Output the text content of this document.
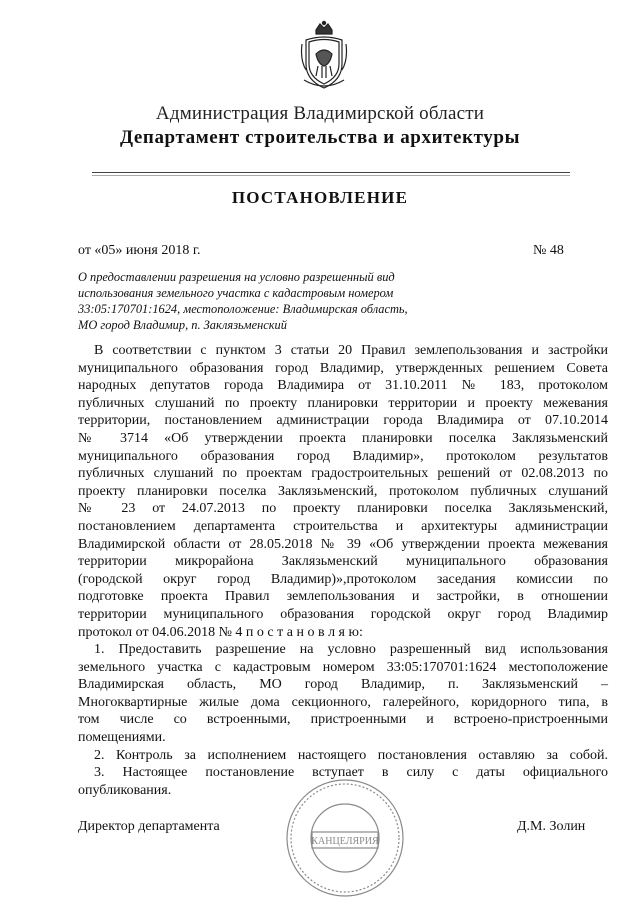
Администрация Владимирской области
Департамент строительства и архитектуры
ПОСТАНОВЛЕНИЕ
от «05» июня 2018 г.	№ 48
О предоставлении разрешения на условно разрешенный вид
использования земельного участка с кадастровым номером
33:05:170701:1624, местоположение: Владимирская область,
МО город Владимир, п. Заклязьменский
В соответствии с пунктом 3 статьи 20 Правил землепользования и застройки
муниципального образования город Владимир, утвержденных решением Совета
народных депутатов города Владимира от 31.10.2011 № 183, протоколом
публичных слушаний по проекту планировки территории и проекту межевания
территории, постановлением администрации города Владимира от 07.10.2014
№ 3714 «Об утверждении проекта планировки поселка Заклязьменский
муниципального образования город Владимир», протоколом результатов
публичных слушаний по проектам градостроительных решений от 02.08.2013 по
проекту планировки поселка Заклязьменский, протоколом публичных слушаний
№ 23 от 24.07.2013 по проекту планировки поселка Заклязьменский,
постановлением департамента строительства и архитектуры администрации
Владимирской области от 28.05.2018 № 39 «Об утверждении проекта межевания
территории микрорайона Заклязьменский муниципального образования
(городской округ город Владимир)»,протоколом заседания комиссии по
подготовке проекта Правил землепользования и застройки, в отношении
территории муниципального образования городской округ город Владимир
протокол от 04.06.2018 № 4 п о с т а н о в л я ю:
1. Предоставить разрешение на условно разрешенный вид использования
земельного участка с кадастровым номером 33:05:170701:1624 местоположение
Владимирская область, МО город Владимир, п. Заклязьменский –
Многоквартирные жилые дома секционного, галерейного, коридорного типа, в
том числе со встроенными, пристроенными и встроено-пристроенными
помещениями.
2. Контроль за исполнением настоящего постановления оставляю за собой.
3. Настоящее постановление вступает в силу с даты официального
опубликования.
КАНЦЕЛЯРИЯ
Директор департамента	Д.М. Золин
